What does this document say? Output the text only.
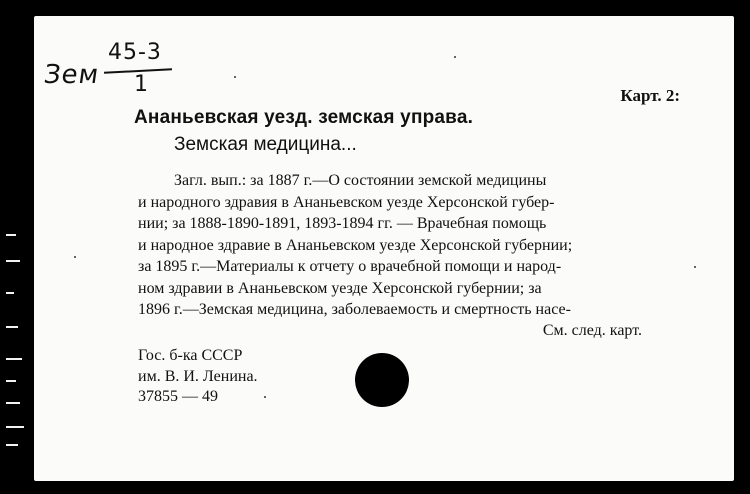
Зем
45-3
1	Карт. 2:
Ананьевская уезд. земская управа.
Земская медицина...
Загл. вып.: за 1887 г.—О состоянии земской медицины
и народного здравия в Ананьевском уезде Херсонской губер-
нии; за 1888-1890-1891, 1893-1894 гг. — Врачебная помощь
и народное здравие в Ананьевском уезде Херсонской губернии;
за 1895 г.—Материалы к отчету о врачебной помощи и народ-
ном здравии в Ананьевском уезде Херсонской губернии; за
1896 г.—Земская медицина, заболеваемость и смертность насе-
См. след. карт.
Гос. б-ка СССР
им. В. И. Ленина.
37855 — 49
